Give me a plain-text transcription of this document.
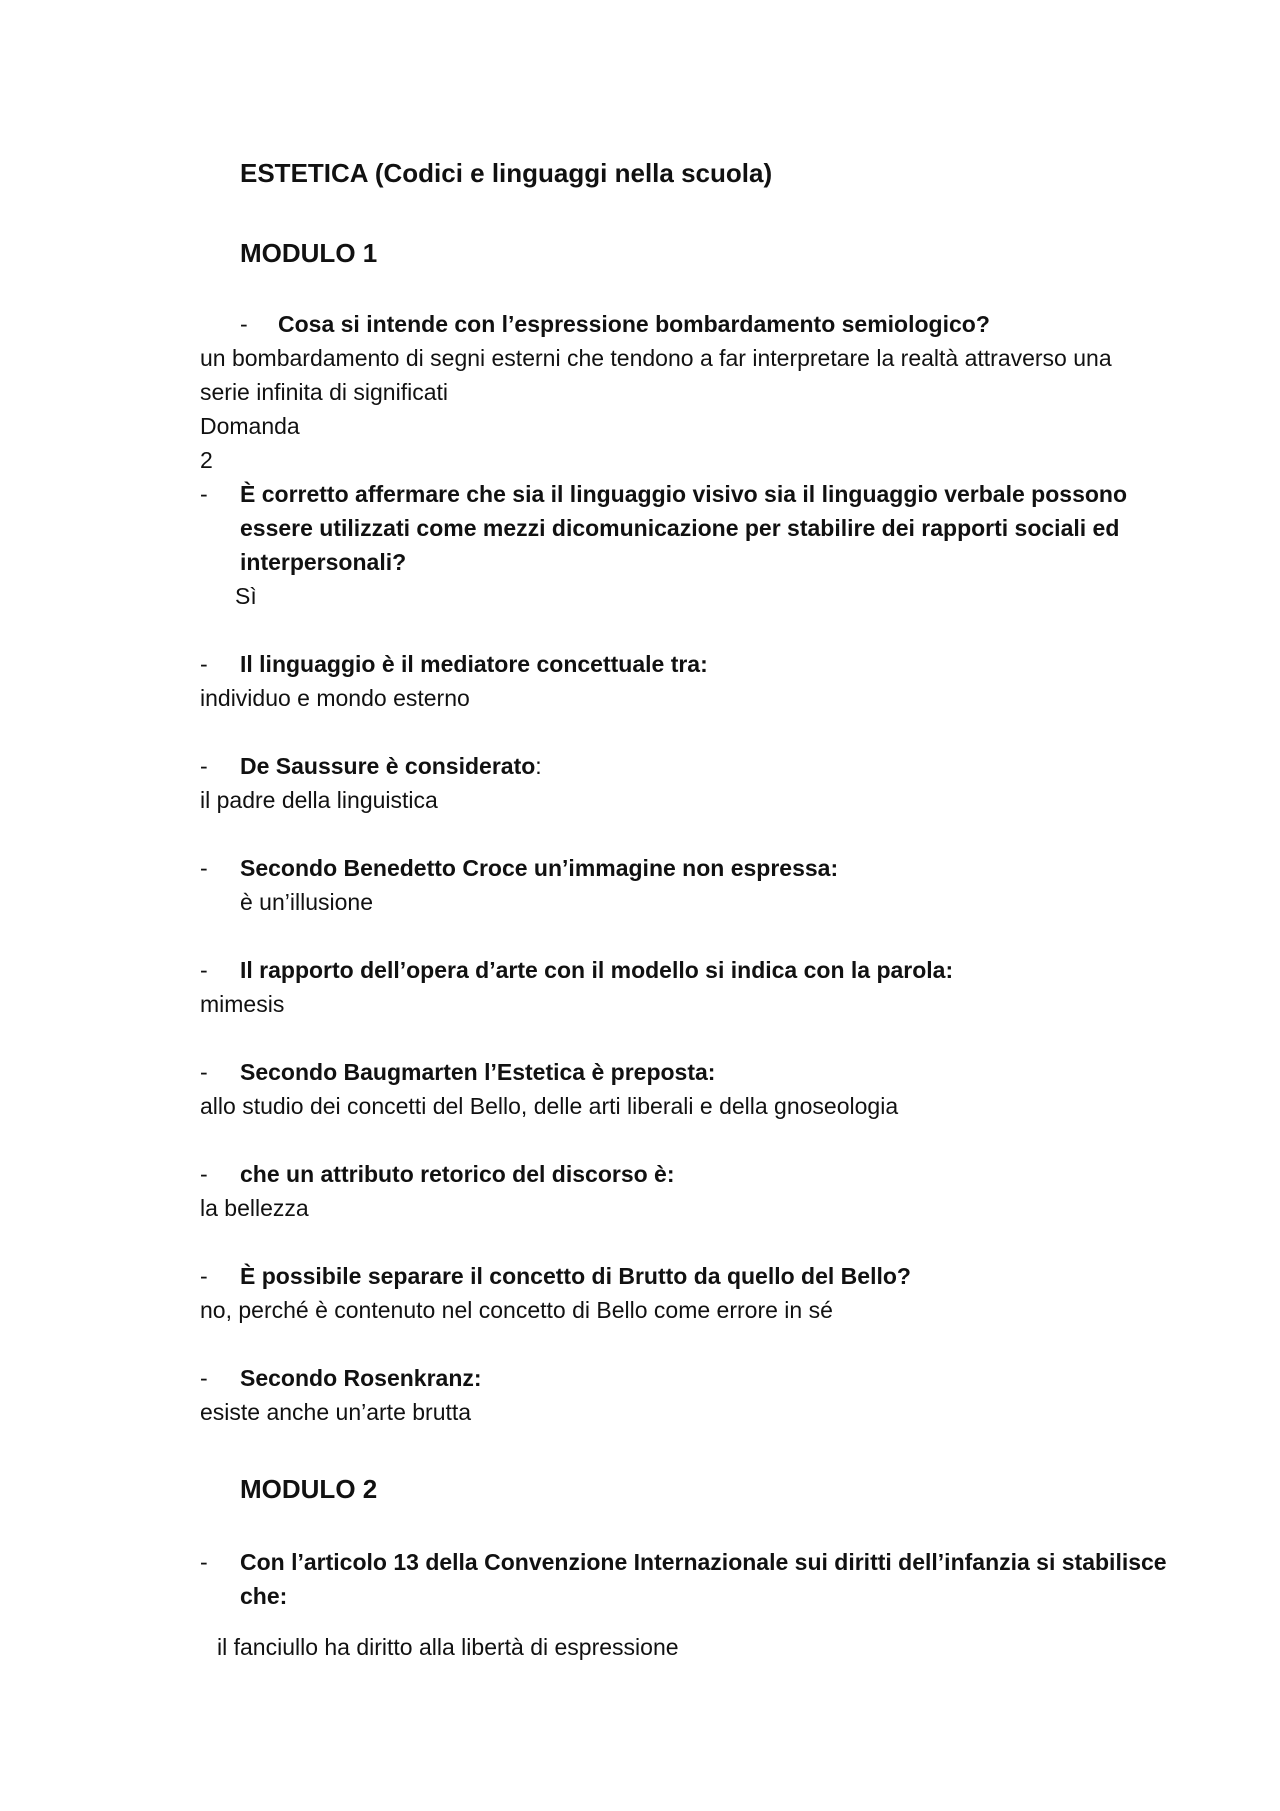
ESTETICA (Codici e linguaggi nella scuola)
MODULO 1
- Cosa si intende con l’espressione bombardamento semiologico?
un bombardamento di segni esterni che tendono a far interpretare la realtà attraverso una
serie infinita di significati
Domanda
2
- È corretto affermare che sia il linguaggio visivo sia il linguaggio verbale possono
essere utilizzati come mezzi dicomunicazione per stabilire dei rapporti sociali ed
interpersonali?
Sì
- Il linguaggio è il mediatore concettuale tra:
individuo e mondo esterno
- De Saussure è considerato:
il padre della linguistica
- Secondo Benedetto Croce un’immagine non espressa:
è un’illusione
- Il rapporto dell’opera d’arte con il modello si indica con la parola:
mimesis
- Secondo Baugmarten l’Estetica è preposta:
allo studio dei concetti del Bello, delle arti liberali e della gnoseologia
- che un attributo retorico del discorso è:
la bellezza
- È possibile separare il concetto di Brutto da quello del Bello?
no, perché è contenuto nel concetto di Bello come errore in sé
- Secondo Rosenkranz:
esiste anche un’arte brutta
MODULO 2
- Con l’articolo 13 della Convenzione Internazionale sui diritti dell’infanzia si stabilisce
che:
il fanciullo ha diritto alla libertà di espressione
